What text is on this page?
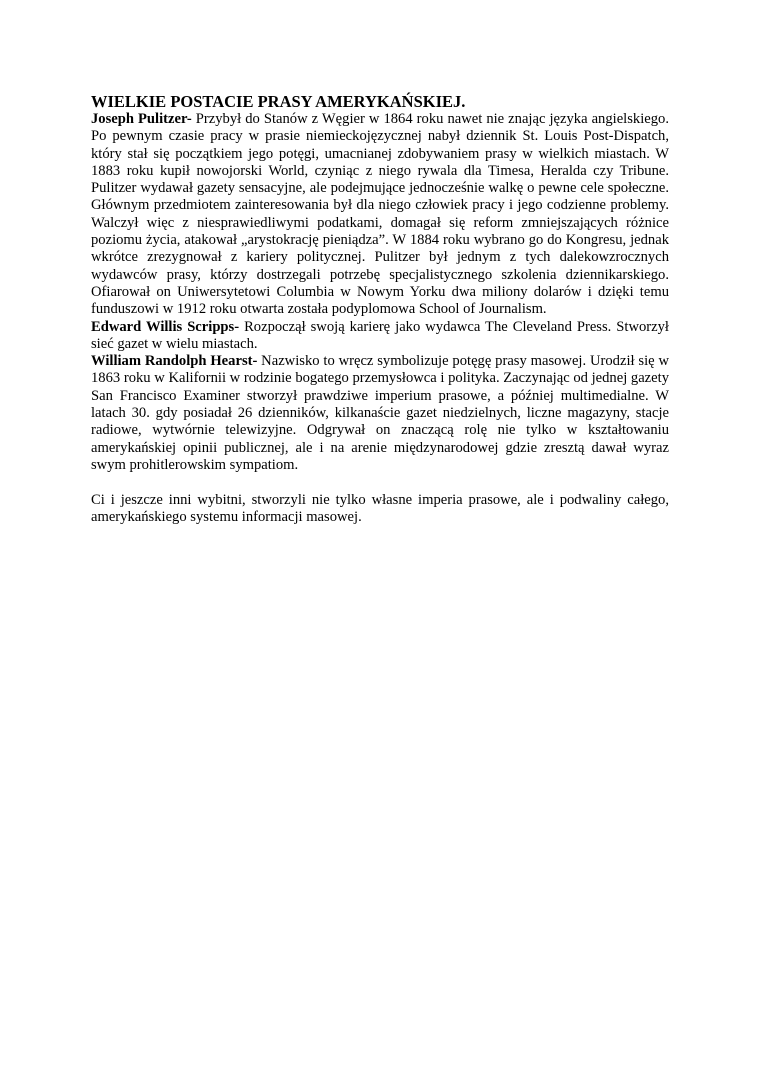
WIELKIE POSTACIE PRASY AMERYKAŃSKIEJ.

Joseph Pulitzer- Przybył do Stanów z Węgier w 1864 roku nawet nie znając języka angielskiego. Po pewnym czasie pracy w prasie niemieckojęzycznej nabył dziennik St. Louis Post-Dispatch, który stał się początkiem jego potęgi, umacnianej zdobywaniem prasy w wielkich miastach. W 1883 roku kupił nowojorski World, czyniąc z niego rywala dla Timesa, Heralda czy Tribune. Pulitzer wydawał gazety sensacyjne, ale podejmujące jednocześnie walkę o pewne cele społeczne. Głównym przedmiotem zainteresowania był dla niego człowiek pracy i jego codzienne problemy. Walczył więc z niesprawiedliwymi podatkami, domagał się reform zmniejszających różnice poziomu życia, atakował „arystokrację pieniądza”. W 1884 roku wybrano go do Kongresu, jednak wkrótce zrezygnował z kariery politycznej. Pulitzer był jednym z tych dalekowzrocznych wydawców prasy, którzy dostrzegali potrzebę specjalistycznego szkolenia dziennikarskiego. Ofiarował on Uniwersytetowi Columbia w Nowym Yorku dwa miliony dolarów i dzięki temu funduszowi w 1912 roku otwarta została podyplomowa School of Journalism.

Edward Willis Scripps- Rozpoczął swoją karierę jako wydawca The Cleveland Press. Stworzył sieć gazet w wielu miastach.

William Randolph Hearst- Nazwisko to wręcz symbolizuje potęgę prasy masowej. Urodził się w 1863 roku w Kalifornii w rodzinie bogatego przemysłowca i polityka. Zaczynając od jednej gazety San Francisco Examiner stworzył prawdziwe imperium prasowe, a później multimedialne. W latach 30. gdy posiadał 26 dzienników, kilkanaście gazet niedzielnych, liczne magazyny, stacje radiowe, wytwórnie telewizyjne. Odgrywał on znaczącą rolę nie tylko w kształtowaniu amerykańskiej opinii publicznej, ale i na arenie międzynarodowej gdzie zresztą dawał wyraz swym prohitlerowskim sympatiom.

Ci i jeszcze inni wybitni, stworzyli nie tylko własne imperia prasowe, ale i podwaliny całego, amerykańskiego systemu informacji masowej.
